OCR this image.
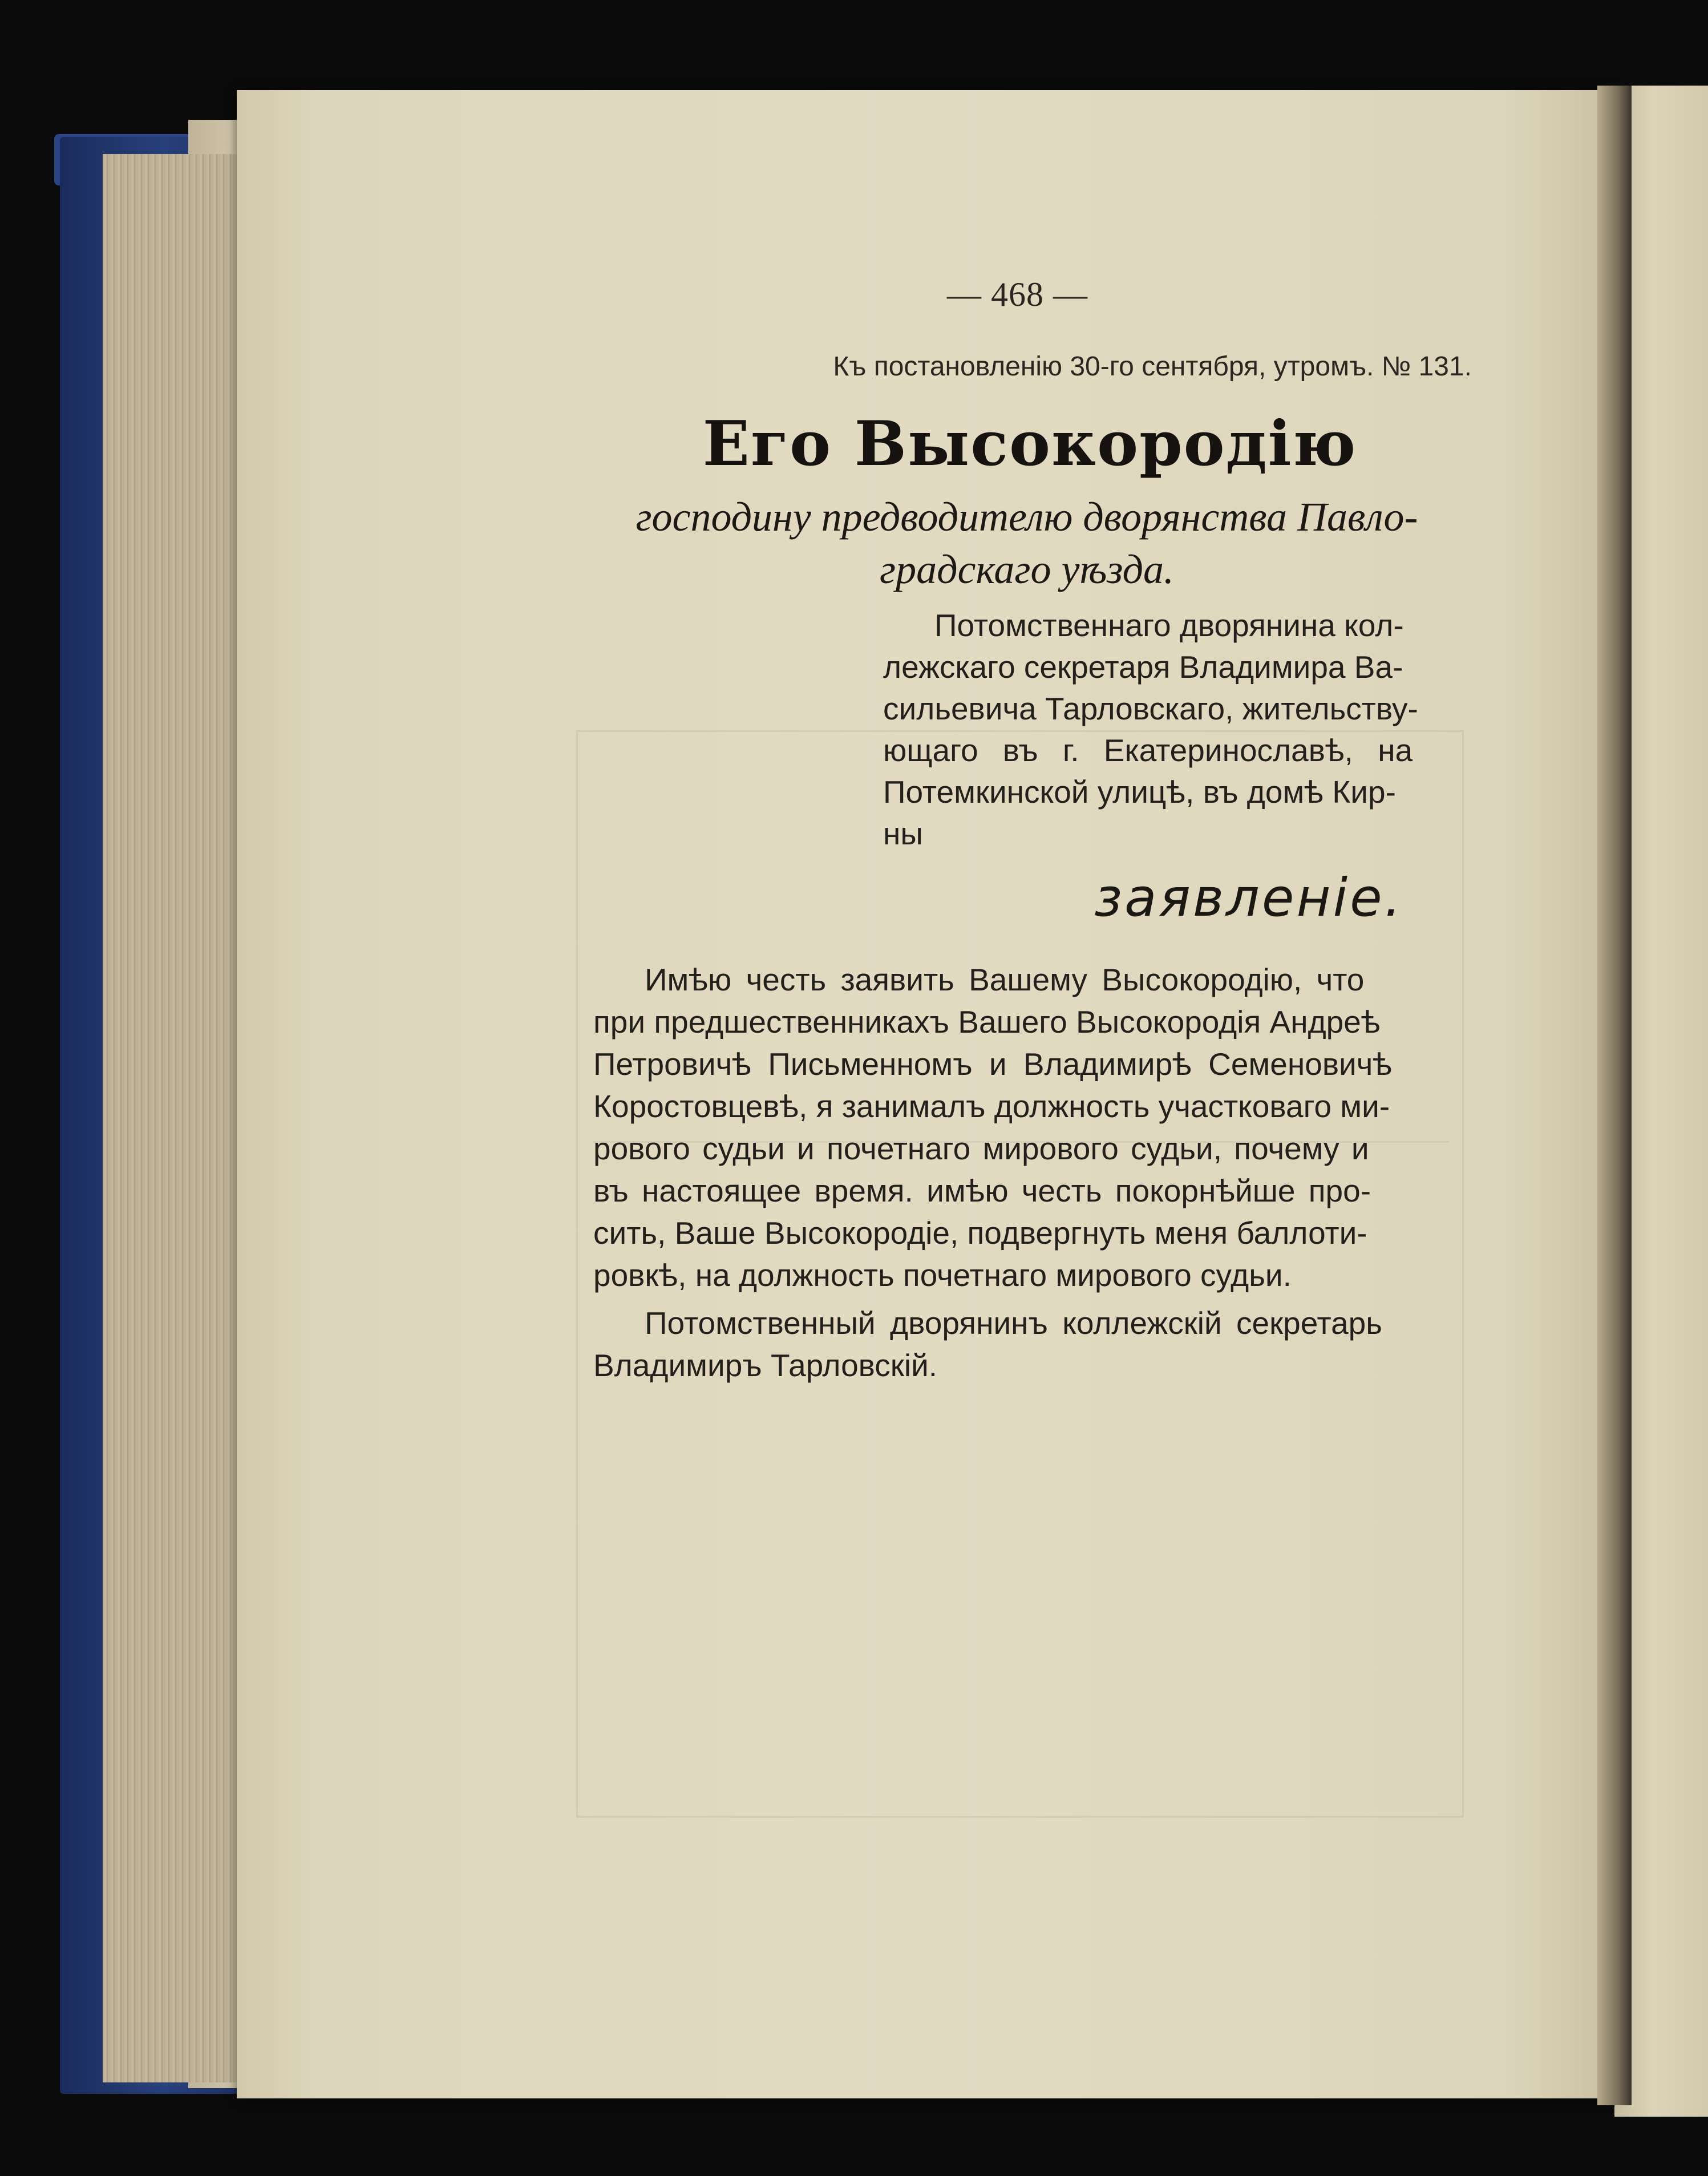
— 468 —
Къ постановленію 30-го сентября, утромъ. № 131.
Его Высокородію
господину предводителю дворянства Павло-
градскаго уѣзда.
Потомственнаго дворянина кол-
лежскаго секретаря Владимира Ва-
сильевича Тарловскаго, жительству-
ющаго въ г. Екатеринославѣ, на
Потемкинской улицѣ, въ домѣ Кир-
ны
заявленіе.
Имѣю честь заявить Вашему Высокородію, что
при предшественникахъ Вашего Высокородія Андреѣ
Петровичѣ Письменномъ и Владимирѣ Семеновичѣ
Коростовцевѣ, я занималъ должность участковаго ми-
рового судьи и почетнаго мирового судьи, почему и
въ настоящее время. имѣю честь покорнѣйше про-
сить, Ваше Высокородіе, подвергнуть меня баллоти-
ровкѣ, на должность почетнаго мирового судьи.
Потомственный дворянинъ коллежскій секретарь
Владимиръ Тарловскій.
